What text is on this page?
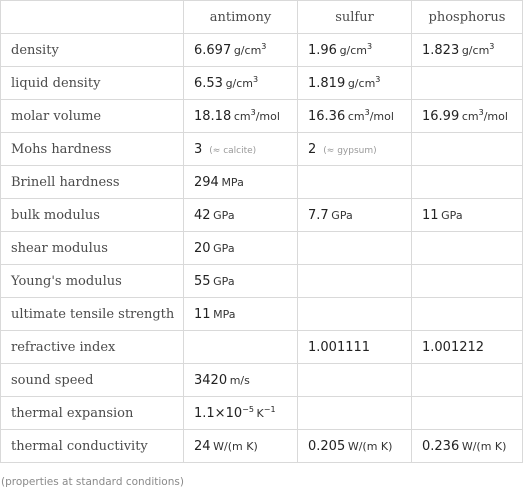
	antimony	sulfur	phosphorus
density	6.697  $g/cm^3$	1.96  $g/cm^3$	1.823  $g/cm^3$
liquid density	6.53  $g/cm^3$	1.819  $g/cm^3$	
molar volume	18.18  $cm^3$/mol	16.36  $cm^3$/mol	16.99  $cm^3$/mol
Mohs hardness	3 (≈ calcite)	2 (≈ gypsum)	
Brinell hardness	294  MPa		
bulk modulus	42  GPa	7.7  GPa	11  GPa
shear modulus	20  GPa		
Young's modulus	55  GPa		
ultimate tensile strength	11  MPa		
refractive index		1.001111	1.001212
sound speed	3420  m/s		
thermal expansion	$1.1\times 10^{-5}$  $K^{-1}$		
thermal conductivity	24  W/(m K)	0.205  W/(m K)	0.236  W/(m K)
(properties at standard conditions)
